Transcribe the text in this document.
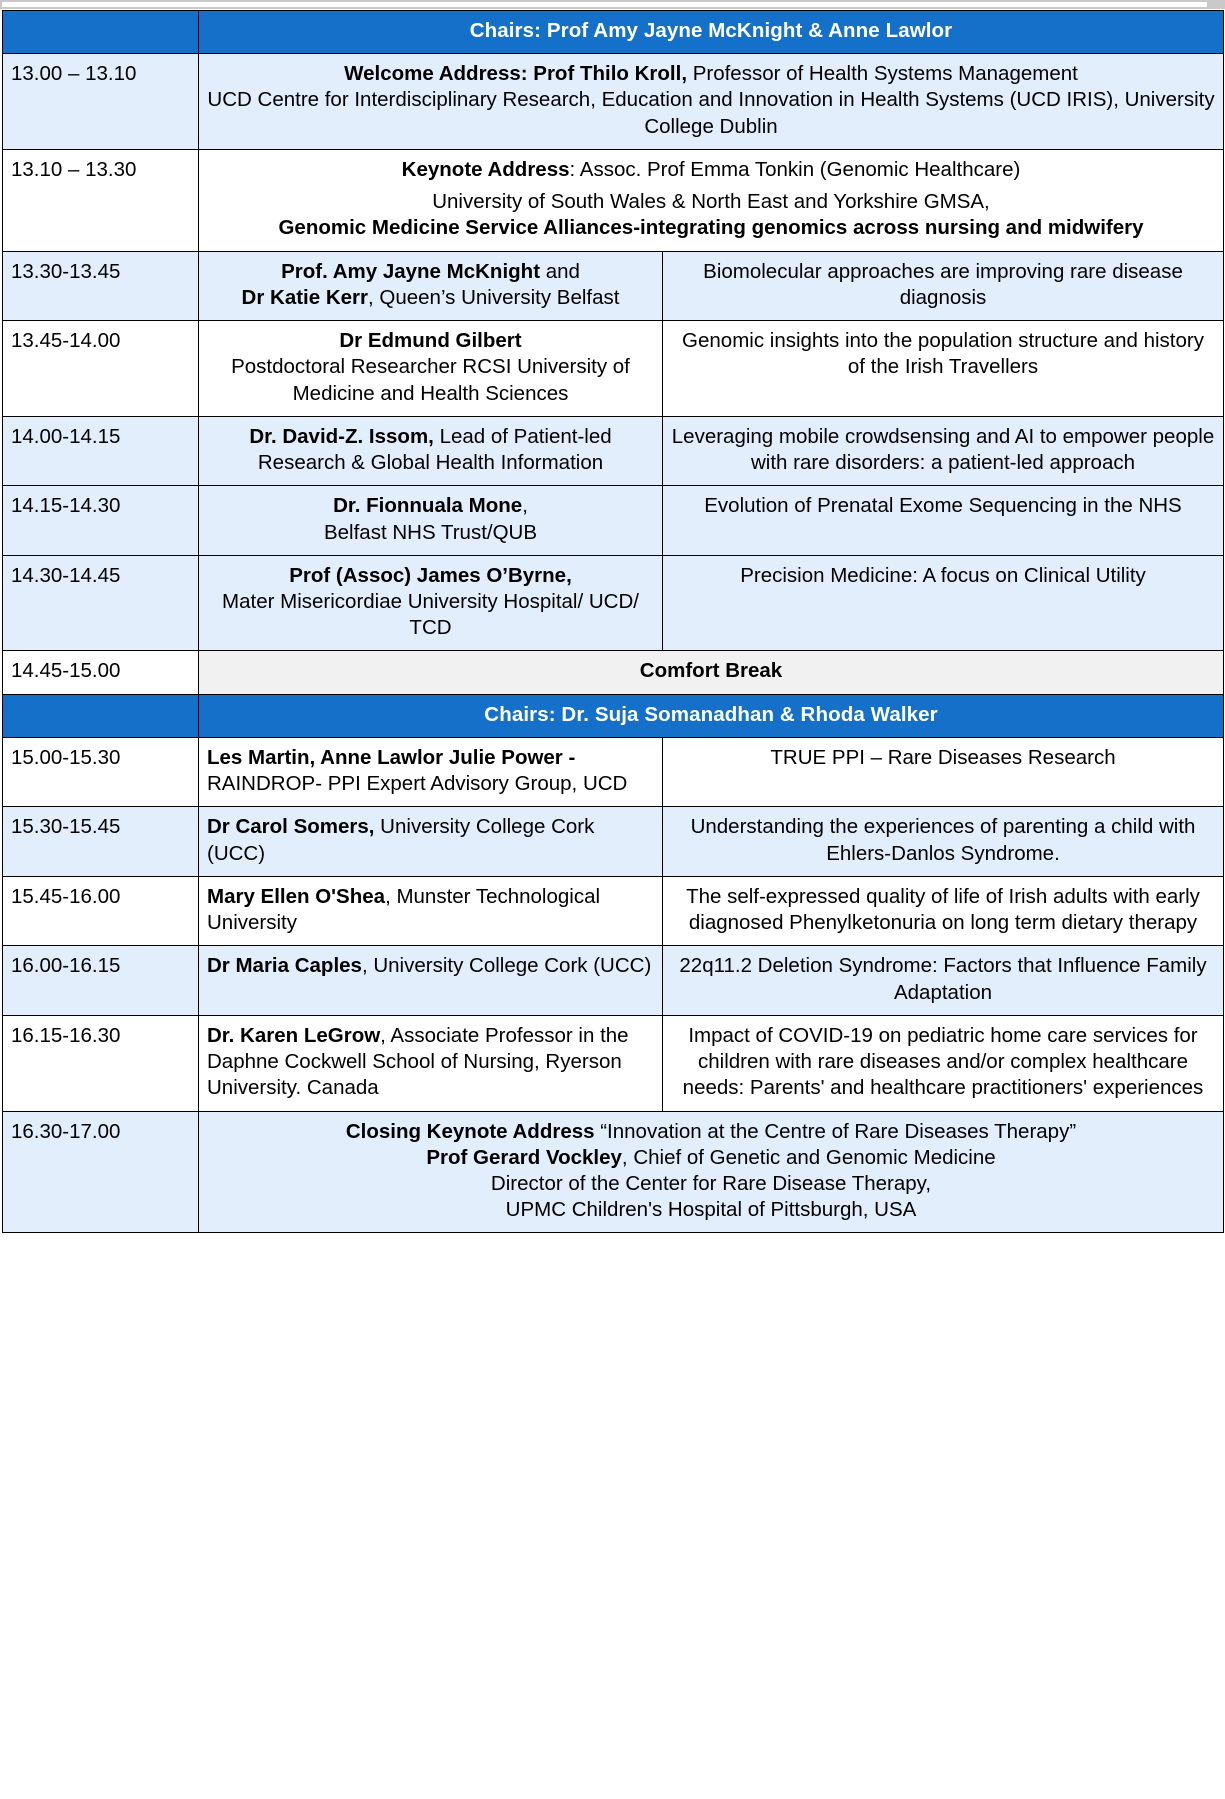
	Chairs: Prof Amy Jayne McKnight & Anne Lawlor	
13.00 – 13.10	Welcome Address: Prof Thilo Kroll, Professor of Health Systems Management
UCD Centre for Interdisciplinary Research, Education and Innovation in Health Systems (UCD IRIS), University College Dublin	

13.10 – 13.30	Keynote Address: Assoc. Prof Emma Tonkin (Genomic Healthcare)
University of South Wales & North East and Yorkshire GMSA,
Genomic Medicine Service Alliances-integrating genomics across nursing and midwifery	

13.30-13.45	Prof. Amy Jayne McKnight and
Dr Katie Kerr, Queen’s University Belfast	Biomolecular approaches are improving rare disease diagnosis
13.45-14.00	Dr Edmund Gilbert
Postdoctoral Researcher RCSI University of Medicine and Health Sciences	Genomic insights into the population structure and history of the Irish Travellers
14.00-14.15	Dr. David-Z. Issom, Lead of Patient-led Research & Global Health Information	Leveraging mobile crowdsensing and AI to empower people with rare disorders: a patient-led approach
14.15-14.30	Dr. Fionnuala Mone,
Belfast NHS Trust/QUB	Evolution of Prenatal Exome Sequencing in the NHS
14.30-14.45	Prof (Assoc) James O’Byrne,
Mater Misericordiae University Hospital/ UCD/ TCD	Precision Medicine: A focus on Clinical Utility
14.45-15.00	Comfort Break	
	Chairs: Dr. Suja Somanadhan & Rhoda Walker	
15.00-15.30	Les Martin, Anne Lawlor Julie Power -RAINDROP- PPI Expert Advisory Group, UCD	TRUE PPI – Rare Diseases Research
15.30-15.45	Dr Carol Somers, University College Cork (UCC)	Understanding the experiences of parenting a child with Ehlers-Danlos Syndrome.
15.45-16.00	Mary Ellen O'Shea, Munster Technological University	The self-expressed quality of life of Irish adults with early diagnosed Phenylketonuria on long term dietary therapy
16.00-16.15	Dr Maria Caples, University College Cork (UCC)	22q11.2 Deletion Syndrome: Factors that Influence Family Adaptation
16.15-16.30	Dr. Karen LeGrow, Associate Professor in the Daphne Cockwell School of Nursing, Ryerson University. Canada	Impact of COVID-19 on pediatric home care services for children with rare diseases and/or complex healthcare needs: Parents' and healthcare practitioners' experiences
16.30-17.00	Closing Keynote Address “Innovation at the Centre of Rare Diseases Therapy”
Prof Gerard Vockley, Chief of Genetic and Genomic Medicine
Director of the Center for Rare Disease Therapy,
UPMC Children's Hospital of Pittsburgh, USA	
